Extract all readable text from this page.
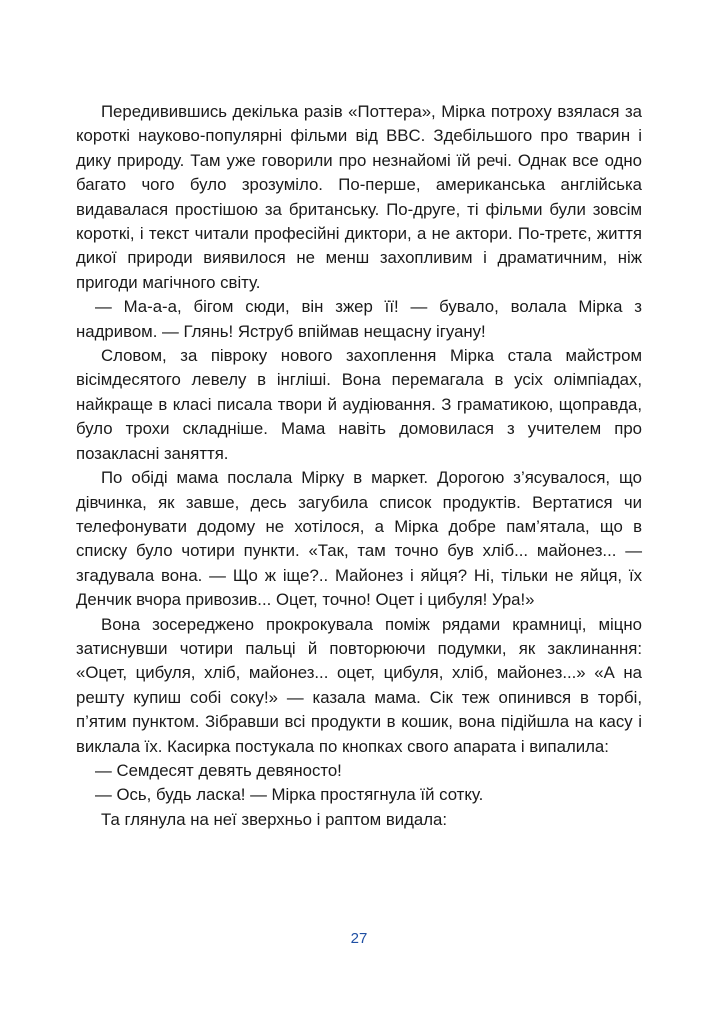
Передивившись декілька разів «Поттера», Мірка потроху взялася за короткі науково-популярні фільми від BBC. Здебільшого про тварин і дику природу. Там уже говорили про незнайомі їй речі. Однак все одно багато чого було зрозуміло. По-перше, американська англійська видавалася простішою за британську. По-друге, ті фільми були зовсім короткі, і текст читали професійні диктори, а не актори. По-третє, життя дикої природи виявилося не менш захопливим і драматичним, ніж пригоди магічного світу.

— Ма-а-а, бігом сюди, він зжер її! — бувало, волала Мірка з надривом. — Глянь! Яструб впіймав нещасну ігуану!

Словом, за півроку нового захоплення Мірка стала майстром вісімдесятого левелу в інгліші. Вона перемагала в усіх олімпіадах, найкраще в класі писала твори й аудіювання. З граматикою, щоправда, було трохи складніше. Мама навіть домовилася з учителем про позакласні заняття.

По обіді мама послала Мірку в маркет. Дорогою з’ясувалося, що дівчинка, як завше, десь загубила список продуктів. Вертатися чи телефонувати додому не хотілося, а Мірка добре пам’ятала, що в списку було чотири пункти. «Так, там точно був хліб... майонез... — згадувала вона. — Що ж іще?.. Майонез і яйця? Ні, тільки не яйця, їх Денчик вчора привозив... Оцет, точно! Оцет і цибуля! Ура!»

Вона зосереджено прокрокувала поміж рядами крамниці, міцно затиснувши чотири пальці й повторюючи подумки, як заклинання: «Оцет, цибуля, хліб, майонез... оцет, цибуля, хліб, майонез...» «А на решту купиш собі соку!» — казала мама. Сік теж опинився в торбі, п’ятим пунктом. Зібравши всі продукти в кошик, вона підійшла на касу і виклала їх. Касирка постукала по кнопках свого апарата і випалила:

— Семдесят девять девяносто!

— Ось, будь ласка! — Мірка простягнула їй сотку.

Та глянула на неї зверхньо і раптом видала:

27
